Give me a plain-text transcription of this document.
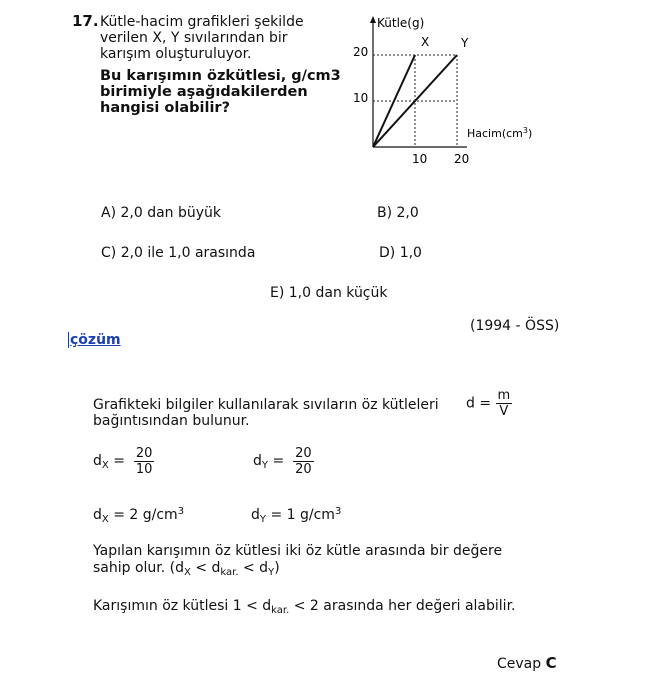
17. Kütle-hacim grafikleri şekilde
verilen X, Y sıvılarından bir
karışım oluşturuluyor.
Bu karışımın özkütlesi, g/cm3
birimiyle aşağıdakilerden
hangisi olabilir?
Kütle(g)
$Hacim(cm^3)$
20
10
10 20
X	Y
A) 2,0 dan büyük	B) 2,0
C) 2,0 ile 1,0 arasında	D) 1,0
E) 1,0 dan küçük
(1994 - ÖSS)
çözüm
Grafikteki bilgiler kullanılarak sıvıların öz kütleleri $d = \frac{m}{V}$
bağıntısından bulunur.
$d_X = \frac{20}{10}$	$d_Y = \frac{20}{20}$
$d_X = 2$ $g/cm^3$	$d_Y = 1$ $g/cm^3$
Yapılan karışımın öz kütlesi iki öz kütle arasında bir değere
sahip olur. $(d_X < d_{kar.} < d_Y)$
Karışımın öz kütlesi $1 < d_{kar.} < 2$ arasında her değeri alabilir.
Cevap C
